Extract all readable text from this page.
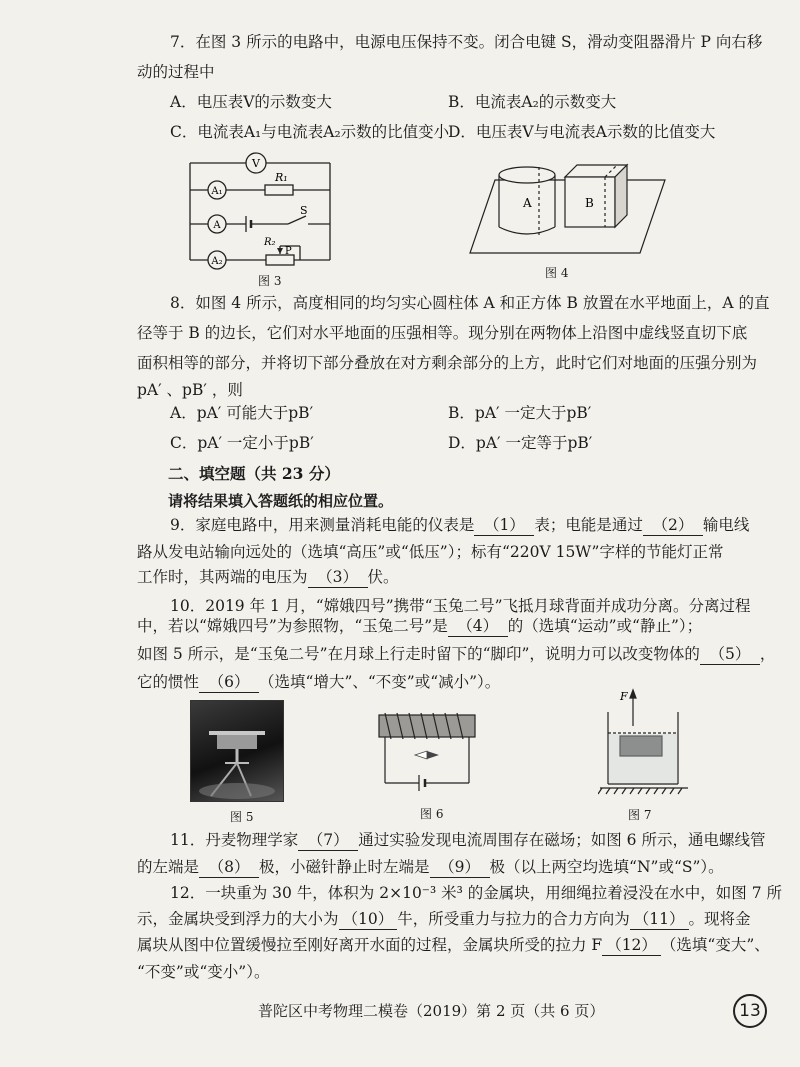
7．在图 3 所示的电路中，电源电压保持不变。闭合电键 S，滑动变阻器滑片 P 向右移
动的过程中
A．电压表V的示数变大	B．电流表A₂的示数变大
C．电流表A₁与电流表A₂示数的比值变小
D．电压表V与电流表A示数的比值变大
V
A₁
A
A₂
R₁
S
R₂
P
图 3
A	B
图 4
8．如图 4 所示，高度相同的均匀实心圆柱体 A 和正方体 B 放置在水平地面上，A 的直
径等于 B 的边长，它们对水平地面的压强相等。现分别在两物体上沿图中虚线竖直切下底
面积相等的部分，并将切下部分叠放在对方剩余部分的上方，此时它们对地面的压强分别为
pA′ 、pB′ ，则
A．pA′ 可能大于pB′	B．pA′ 一定大于pB′
C．pA′ 一定小于pB′	D．pA′ 一定等于pB′
二、填空题（共 23 分）
请将结果填入答题纸的相应位置。
9．家庭电路中，用来测量消耗电能的仪表是 （1） 表；电能是通过 （2） 输电线
路从发电站输向远处的（选填“高压”或“低压”）；标有“220V 15W”字样的节能灯正常
工作时，其两端的电压为 （3） 伏。
10．2019 年 1 月，“嫦娥四号”携带“玉兔二号”飞抵月球背面并成功分离。分离过程
中，若以“嫦娥四号”为参照物，“玉兔二号”是 （4） 的（选填“运动”或“静止”）；
如图 5 所示，是“玉兔二号”在月球上行走时留下的“脚印”，说明力可以改变物体的 （5） ，
它的惯性 （6） （选填“增大”、“不变”或“减小”）。
图 5	图 6
F
图 7
11．丹麦物理学家 （7） 通过实验发现电流周围存在磁场；如图 6 所示，通电螺线管
的左端是 （8） 极，小磁针静止时左端是 （9） 极（以上两空均选填“N”或“S”）。
12．一块重为 30 牛，体积为 2×10⁻³ 米³ 的金属块，用细绳拉着浸没在水中，如图 7 所
示，金属块受到浮力的大小为 （10） 牛，所受重力与拉力的合力方向为 （11） 。现将金
属块从图中位置缓慢拉至刚好离开水面的过程，金属块所受的拉力 F （12） （选填“变大”、
“不变”或“变小”）。
普陀区中考物理二模卷（2019）第 2 页（共 6 页）	13
